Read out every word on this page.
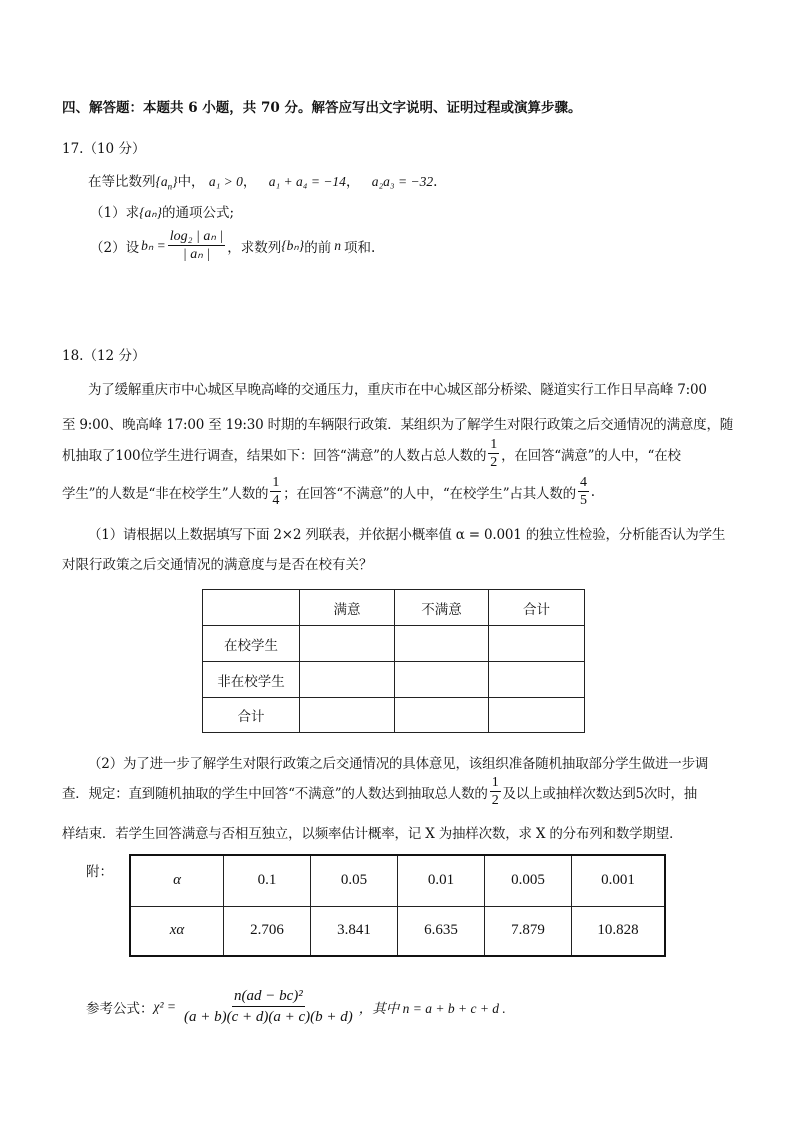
四、解答题：本题共 6 小题，共 70 分。解答应写出文字说明、证明过程或演算步骤。
17.（10 分）
在等比数列$\{a_n\}$中， a₁ > 0， a₁ + a₄ = −14， a₂a₃ = −32.
（1）求{aₙ}的通项公式;
（2）设 $b_n = \frac{\text{log₂ | aₙ |}}{\text{| aₙ |}}$ ，求数列 {bₙ} 的前 n 项和.
18.（12 分）
为了缓解重庆市中心城区早晚高峰的交通压力，重庆市在中心城区部分桥梁、隧道实行工作日早高峰 7:00
至 9:00、晚高峰 17:00 至 19:30 时期的车辆限行政策．某组织为了解学生对限行政策之后交通情况的满意度，随
机抽取了100位学生进行调查，结果如下：回答“满意”的人数占总人数的 $\frac{1}{2}$ ，在回答“满意”的人中，“在校
学生”的人数是“非在校学生”人数的 $\frac{1}{4}$ ；在回答“不满意”的人中，“在校学生”占其人数的 $\frac{4}{5}$ .
（1）请根据以上数据填写下面 2×2 列联表，并依据小概率值 α = 0.001 的独立性检验，分析能否认为学生
对限行政策之后交通情况的满意度与是否在校有关？
	满意	不满意	合计
在校学生			
非在校学生			
合计			
（2）为了进一步了解学生对限行政策之后交通情况的具体意见，该组织准备随机抽取部分学生做进一步调
查．规定：直到随机抽取的学生中回答“不满意”的人数达到抽取总人数的 $\frac{1}{2}$ 及以上或抽样次数达到5次时，抽
样结束．若学生回答满意与否相互独立，以频率估计概率，记 X 为抽样次数，求 X 的分布列和数学期望．
附：
α	0.1	0.05	0.01	0.005	0.001
xα	2.706	3.841	6.635	7.879	10.828
参考公式： $\chi^2 = \frac{\text{n(ad − bc)²}}{(a + b)(c + d)(a + c)(b + d)}$ ，其中 n = a + b + c + d .
